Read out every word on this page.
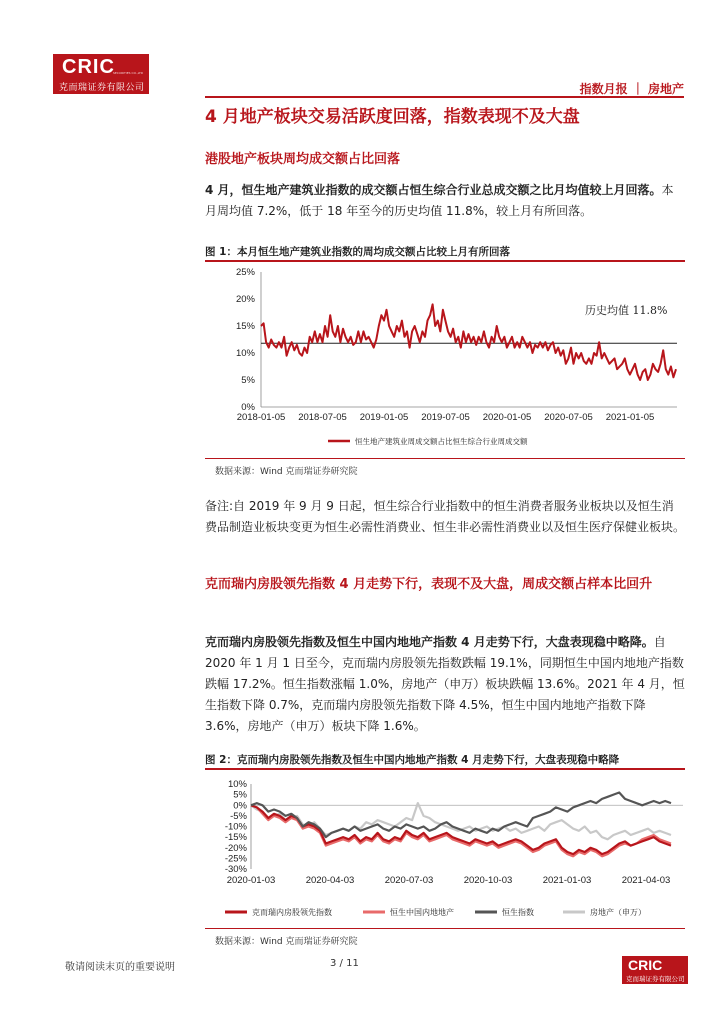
CRIC
SECURITIES CO.,LTD
克而瑞证券有限公司	指数月报 ｜ 房地产
4 月地产板块交易活跃度回落，指数表现不及大盘
港股地产板块周均成交额占比回落
4 月，恒生地产建筑业指数的成交额占恒生综合行业总成交额之比月均值较上月回落。本月周均值 7.2%，低于 18 年至今的历史均值 11.8%，较上月有所回落。
图 1：本月恒生地产建筑业指数的周均成交额占比较上月有所回落
25%
20%
15%
10%
5%
0%
2018-01-05 2018-07-05 2019-01-05 2019-07-05 2020-01-05 2020-07-05 2021-01-05
历史均值 11.8%
恒生地产建筑业周成交额占比恒生综合行业周成交额
数据来源：Wind 克而瑞证券研究院
备注:自 2019 年 9 月 9 日起，恒生综合行业指数中的恒生消费者服务业板块以及恒生消费品制造业板块变更为恒生必需性消费业、恒生非必需性消费业以及恒生医疗保健业板块。
克而瑞内房股领先指数 4 月走势下行，表现不及大盘，周成交额占样本比回升
克而瑞内房股领先指数及恒生中国内地地产指数 4 月走势下行，大盘表现稳中略降。自 2020 年 1 月 1 日至今，克而瑞内房股领先指数跌幅 19.1%，同期恒生中国内地地产指数跌幅 17.2%。恒生指数涨幅 1.0%，房地产（申万）板块跌幅 13.6%。2021 年 4 月，恒生指数下降 0.7%，克而瑞内房股领先指数下降 4.5%，恒生中国内地地产指数下降 3.6%，房地产（申万）板块下降 1.6%。
图 2：克而瑞内房股领先指数及恒生中国内地地产指数 4 月走势下行，大盘表现稳中略降
10%
5%
0%
-5%
-10%
-15%
-20%
-25%
-30%
2020-01-03	2020-04-03	2020-07-03	2020-10-03	2021-01-03	2021-04-03
克而瑞内房股领先指数	恒生中国内地地产	恒生指数	房地产（申万）
数据来源：Wind 克而瑞证券研究院
敬请阅读末页的重要说明	3 / 11	CRIC
克而瑞证券有限公司
